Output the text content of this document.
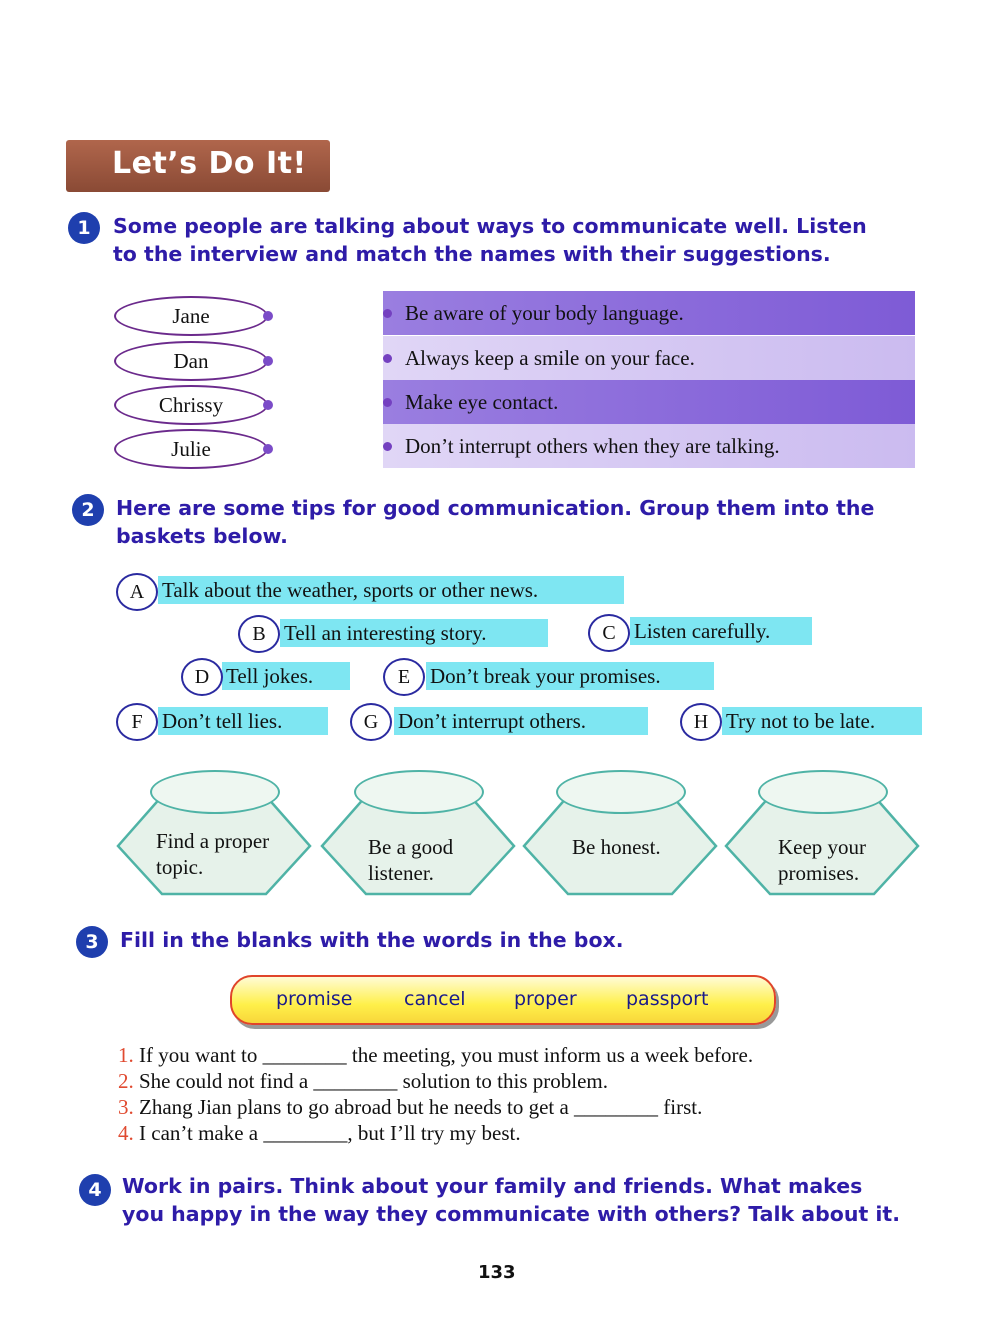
Let’s Do It!
1	Some people are talking about ways to communicate well. Listen
to the interview and match the names with their suggestions.
Jane
Dan
Chrissy
Julie
Be aware of your body language.
Always keep a smile on your face.
Make eye contact.
Don’t interrupt others when they are talking.
2	Here are some tips for good communication. Group them into the
baskets below.
Talk about the weather, sports or other news.
A
Tell an interesting story.
B	Listen carefully.
C
Tell jokes.
D	Don’t break your promises.
E
Don’t tell lies.
F	Don’t interrupt others.
G	Try not to be late.
H
Find a proper
topic.
Be a good
listener.
Be honest.	Keep your
promises.
3	Fill in the blanks with the words in the box.
promise	cancel	proper	passport
1. If you want to ________ the meeting, you must inform us a week before.
2. She could not find a ________ solution to this problem.
3. Zhang Jian plans to go abroad but he needs to get a ________ first.
4. I can’t make a ________, but I’ll try my best.
4 Work in pairs. Think about your family and friends. What makes
you happy in the way they communicate with others? Talk about it.
133
